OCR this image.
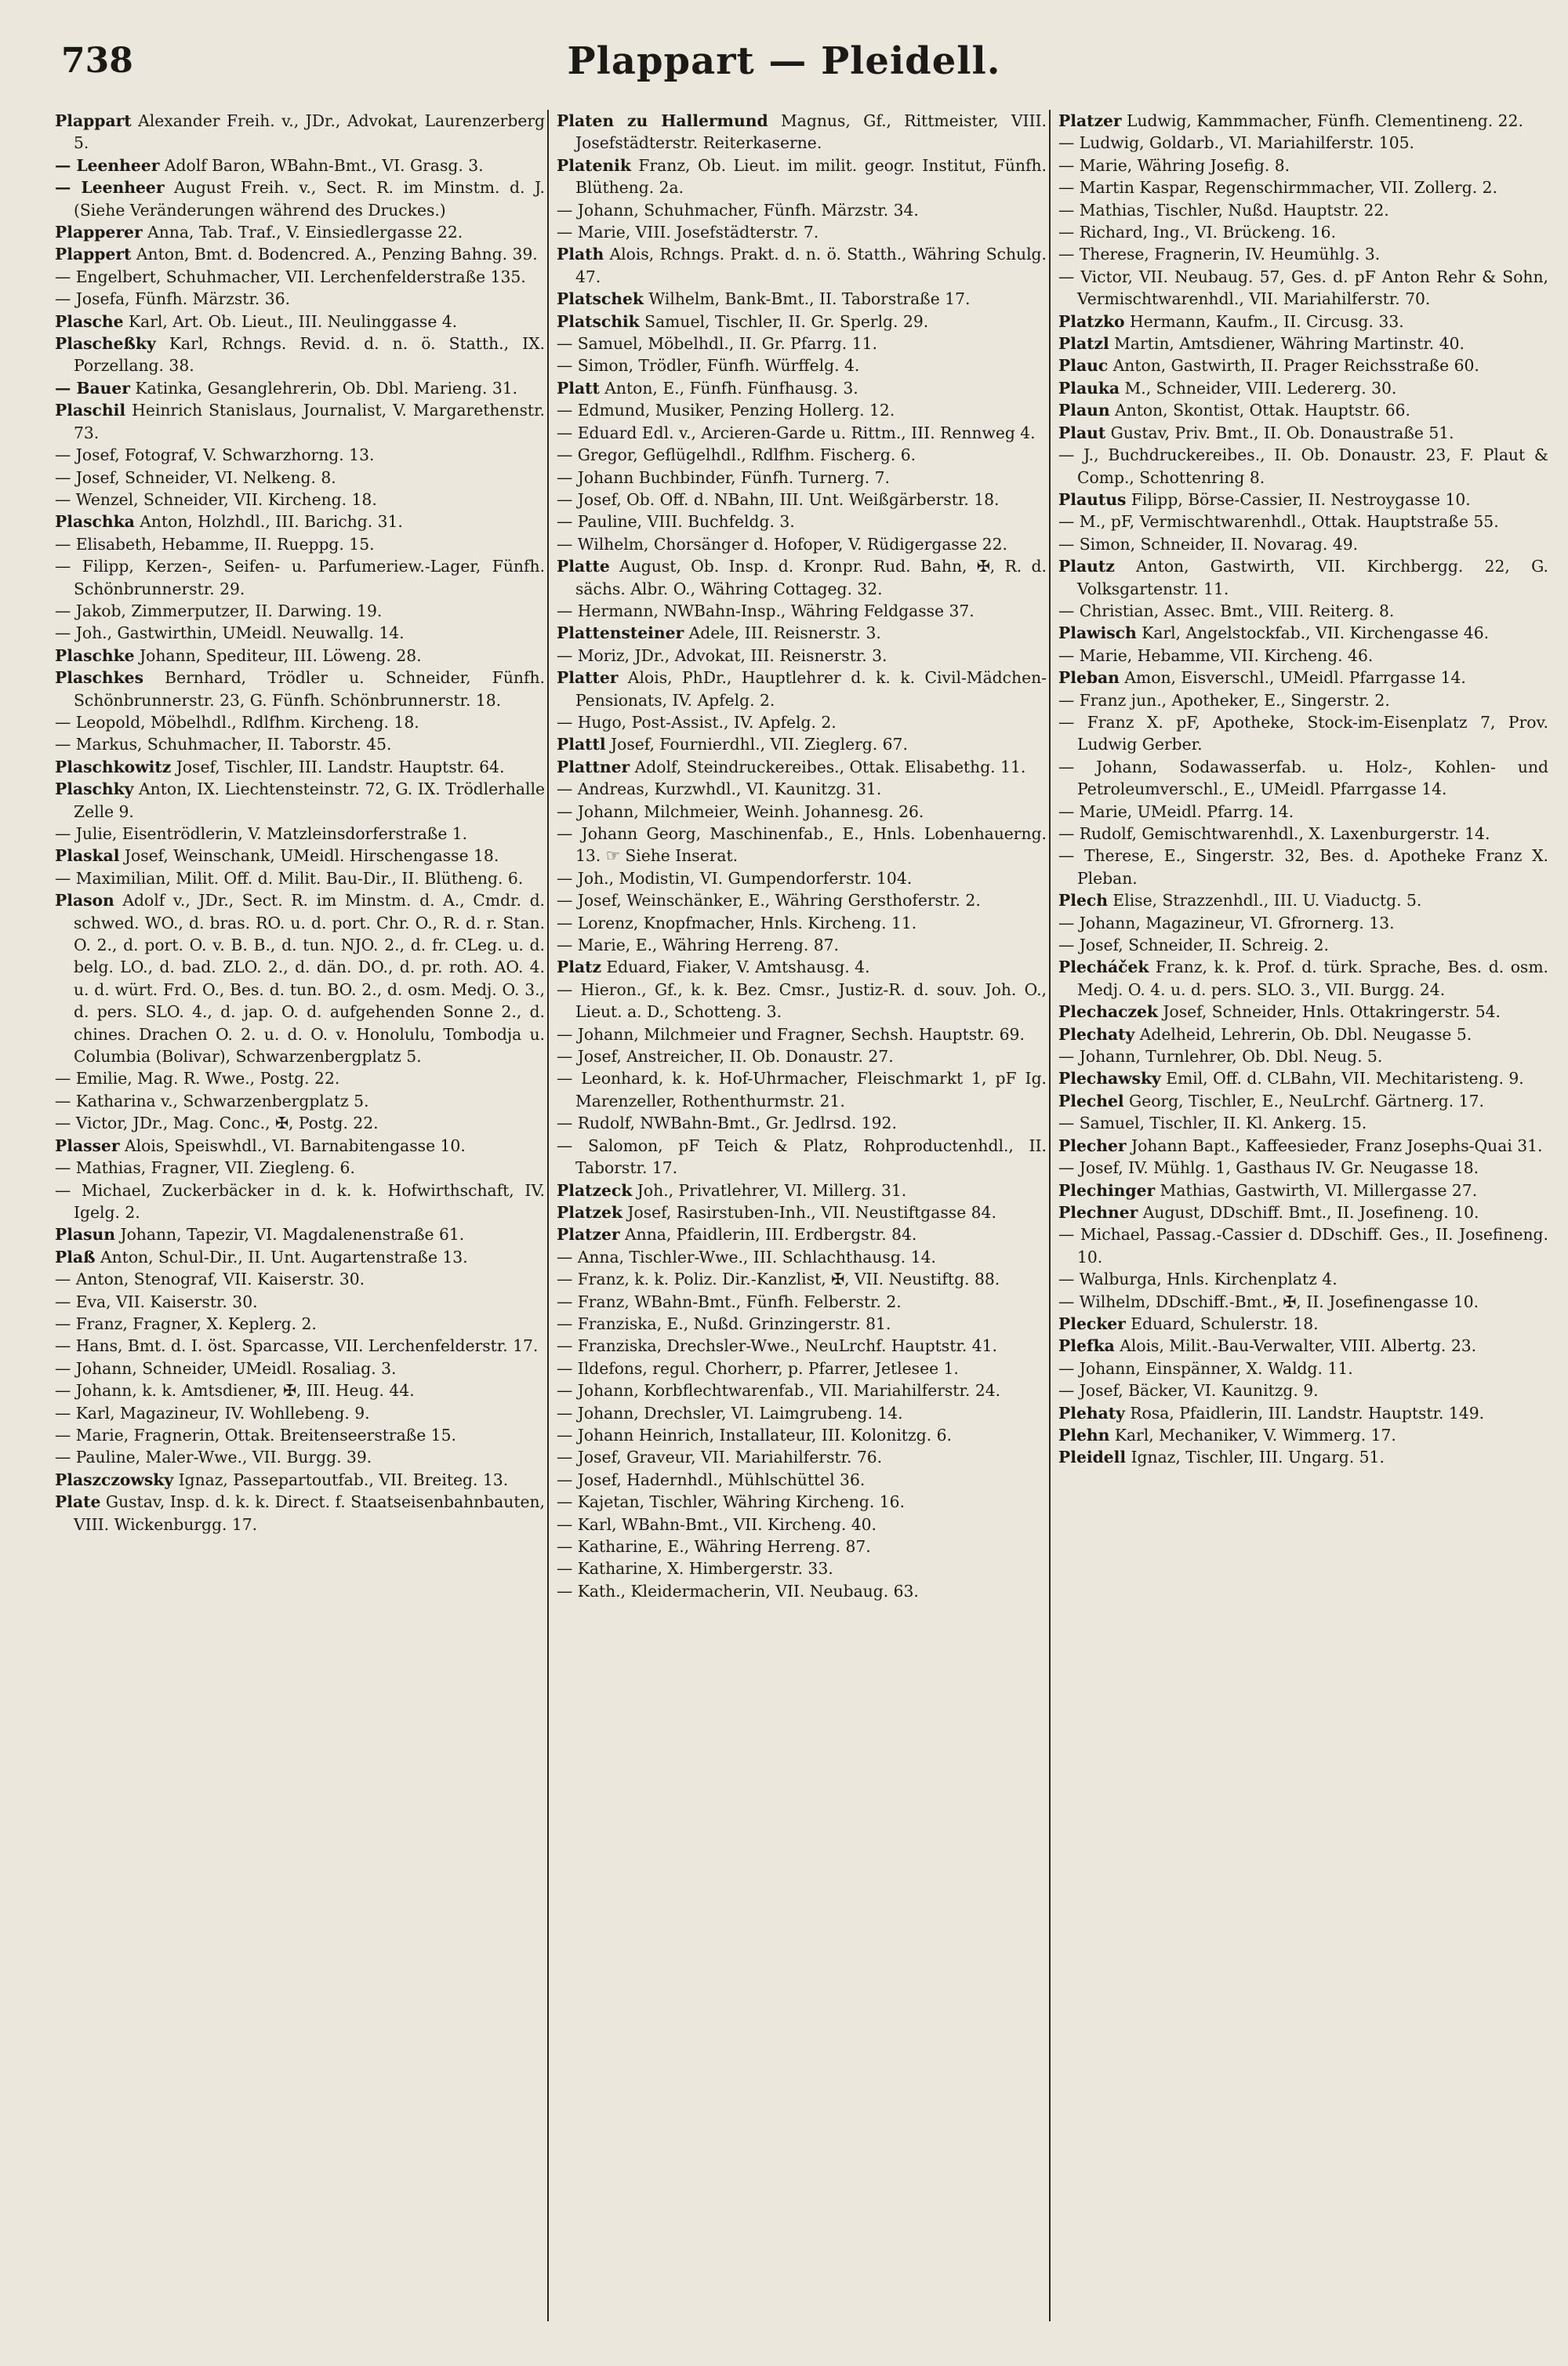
738	Plappart — Pleidell.
Plappart Alexander Freih. v., JDr., Advokat, Laurenzerberg 5.
— Leenheer Adolf Baron, WBahn-Bmt., VI. Grasg. 3.
— Leenheer August Freih. v., Sect. R. im Minstm. d. J. (Siehe Veränderungen während des Druckes.)
Plapperer Anna, Tab. Traf., V. Einsiedlergasse 22.
Plappert Anton, Bmt. d. Bodencred. A., Penzing Bahng. 39.
— Engelbert, Schuhmacher, VII. Lerchenfelderstraße 135.
— Josefa, Fünfh. Märzstr. 36.
Plasche Karl, Art. Ob. Lieut., III. Neulinggasse 4.
Plascheßky Karl, Rchngs. Revid. d. n. ö. Statth., IX. Porzellang. 38.
— Bauer Katinka, Gesanglehrerin, Ob. Dbl. Marieng. 31.
Plaschil Heinrich Stanislaus, Journalist, V. Margarethenstr. 73.
— Josef, Fotograf, V. Schwarzhorng. 13.
— Josef, Schneider, VI. Nelkeng. 8.
— Wenzel, Schneider, VII. Kircheng. 18.
Plaschka Anton, Holzhdl., III. Barichg. 31.
— Elisabeth, Hebamme, II. Rueppg. 15.
— Filipp, Kerzen-, Seifen- u. Parfumeriew.-Lager, Fünfh. Schönbrunnerstr. 29.
— Jakob, Zimmerputzer, II. Darwing. 19.
— Joh., Gastwirthin, UMeidl. Neuwallg. 14.
Plaschke Johann, Spediteur, III. Löweng. 28.
Plaschkes Bernhard, Trödler u. Schneider, Fünfh. Schönbrunnerstr. 23, G. Fünfh. Schönbrunnerstr. 18.
— Leopold, Möbelhdl., Rdlfhm. Kircheng. 18.
— Markus, Schuhmacher, II. Taborstr. 45.
Plaschkowitz Josef, Tischler, III. Landstr. Hauptstr. 64.
Plaschky Anton, IX. Liechtensteinstr. 72, G. IX. Trödlerhalle Zelle 9.
— Julie, Eisentrödlerin, V. Matzleinsdorferstraße 1.
Plaskal Josef, Weinschank, UMeidl. Hirschengasse 18.
— Maximilian, Milit. Off. d. Milit. Bau-Dir., II. Blütheng. 6.
Plason Adolf v., JDr., Sect. R. im Minstm. d. A., Cmdr. d. schwed. WO., d. bras. RO. u. d. port. Chr. O., R. d. r. Stan. O. 2., d. port. O. v. B. B., d. tun. NJO. 2., d. fr. CLeg. u. d. belg. LO., d. bad. ZLO. 2., d. dän. DO., d. pr. roth. AO. 4. u. d. würt. Frd. O., Bes. d. tun. BO. 2., d. osm. Medj. O. 3., d. pers. SLO. 4., d. jap. O. d. aufgehenden Sonne 2., d. chines. Drachen O. 2. u. d. O. v. Honolulu, Tombodja u. Columbia (Bolivar), Schwarzenbergplatz 5.
— Emilie, Mag. R. Wwe., Postg. 22.
— Katharina v., Schwarzenbergplatz 5.
— Victor, JDr., Mag. Conc., ✠, Postg. 22.
Plasser Alois, Speiswhdl., VI. Barnabitengasse 10.
— Mathias, Fragner, VII. Ziegleng. 6.
— Michael, Zuckerbäcker in d. k. k. Hofwirthschaft, IV. Igelg. 2.
Plasun Johann, Tapezir, VI. Magdalenenstraße 61.
Plaß Anton, Schul-Dir., II. Unt. Augartenstraße 13.
— Anton, Stenograf, VII. Kaiserstr. 30.
— Eva, VII. Kaiserstr. 30.
— Franz, Fragner, X. Keplerg. 2.
— Hans, Bmt. d. I. öst. Sparcasse, VII. Lerchenfelderstr. 17.
— Johann, Schneider, UMeidl. Rosaliag. 3.
— Johann, k. k. Amtsdiener, ✠, III. Heug. 44.
— Karl, Magazineur, IV. Wohllebeng. 9.
— Marie, Fragnerin, Ottak. Breitenseerstraße 15.
— Pauline, Maler-Wwe., VII. Burgg. 39.
Plaszczowsky Ignaz, Passepartoutfab., VII. Breiteg. 13.
Plate Gustav, Insp. d. k. k. Direct. f. Staatseisenbahnbauten, VIII. Wickenburgg. 17.
Platen zu Hallermund Magnus, Gf., Rittmeister, VIII. Josefstädterstr. Reiterkaserne.
Platenik Franz, Ob. Lieut. im milit. geogr. Institut, Fünfh. Blütheng. 2a.
— Johann, Schuhmacher, Fünfh. Märzstr. 34.
— Marie, VIII. Josefstädterstr. 7.
Plath Alois, Rchngs. Prakt. d. n. ö. Statth., Währing Schulg. 47.
Platschek Wilhelm, Bank-Bmt., II. Taborstraße 17.
Platschik Samuel, Tischler, II. Gr. Sperlg. 29.
— Samuel, Möbelhdl., II. Gr. Pfarrg. 11.
— Simon, Trödler, Fünfh. Würffelg. 4.
Platt Anton, E., Fünfh. Fünfhausg. 3.
— Edmund, Musiker, Penzing Hollerg. 12.
— Eduard Edl. v., Arcieren-Garde u. Rittm., III. Rennweg 4.
— Gregor, Geflügelhdl., Rdlfhm. Fischerg. 6.
— Johann Buchbinder, Fünfh. Turnerg. 7.
— Josef, Ob. Off. d. NBahn, III. Unt. Weißgärberstr. 18.
— Pauline, VIII. Buchfeldg. 3.
— Wilhelm, Chorsänger d. Hofoper, V. Rüdigergasse 22.
Platte August, Ob. Insp. d. Kronpr. Rud. Bahn, ✠, R. d. sächs. Albr. O., Währing Cottageg. 32.
— Hermann, NWBahn-Insp., Währing Feldgasse 37.
Plattensteiner Adele, III. Reisnerstr. 3.
— Moriz, JDr., Advokat, III. Reisnerstr. 3.
Platter Alois, PhDr., Hauptlehrer d. k. k. Civil-Mädchen-Pensionats, IV. Apfelg. 2.
— Hugo, Post-Assist., IV. Apfelg. 2.
Plattl Josef, Fournierdhl., VII. Zieglerg. 67.
Plattner Adolf, Steindruckereibes., Ottak. Elisabethg. 11.
— Andreas, Kurzwhdl., VI. Kaunitzg. 31.
— Johann, Milchmeier, Weinh. Johannesg. 26.
— Johann Georg, Maschinenfab., E., Hnls. Lobenhauerng. 13. ☞ Siehe Inserat.
— Joh., Modistin, VI. Gumpendorferstr. 104.
— Josef, Weinschänker, E., Währing Gersthoferstr. 2.
— Lorenz, Knopfmacher, Hnls. Kircheng. 11.
— Marie, E., Währing Herreng. 87.
Platz Eduard, Fiaker, V. Amtshausg. 4.
— Hieron., Gf., k. k. Bez. Cmsr., Justiz-R. d. souv. Joh. O., Lieut. a. D., Schotteng. 3.
— Johann, Milchmeier und Fragner, Sechsh. Hauptstr. 69.
— Josef, Anstreicher, II. Ob. Donaustr. 27.
— Leonhard, k. k. Hof-Uhrmacher, Fleischmarkt 1, pF Ig. Marenzeller, Rothenthurmstr. 21.
— Rudolf, NWBahn-Bmt., Gr. Jedlrsd. 192.
— Salomon, pF Teich & Platz, Rohproductenhdl., II. Taborstr. 17.
Platzeck Joh., Privatlehrer, VI. Millerg. 31.
Platzek Josef, Rasirstuben-Inh., VII. Neustiftgasse 84.
Platzer Anna, Pfaidlerin, III. Erdbergstr. 84.
— Anna, Tischler-Wwe., III. Schlachthausg. 14.
— Franz, k. k. Poliz. Dir.-Kanzlist, ✠, VII. Neustiftg. 88.
— Franz, WBahn-Bmt., Fünfh. Felberstr. 2.
— Franziska, E., Nußd. Grinzingerstr. 81.
— Franziska, Drechsler-Wwe., NeuLrchf. Hauptstr. 41.
— Ildefons, regul. Chorherr, p. Pfarrer, Jetlesee 1.
— Johann, Korbflechtwarenfab., VII. Mariahilferstr. 24.
— Johann, Drechsler, VI. Laimgrubeng. 14.
— Johann Heinrich, Installateur, III. Kolonitzg. 6.
— Josef, Graveur, VII. Mariahilferstr. 76.
— Josef, Hadernhdl., Mühlschüttel 36.
— Kajetan, Tischler, Währing Kircheng. 16.
— Karl, WBahn-Bmt., VII. Kircheng. 40.
— Katharine, E., Währing Herreng. 87.
— Katharine, X. Himbergerstr. 33.
— Kath., Kleidermacherin, VII. Neubaug. 63.
Platzer Ludwig, Kammmacher, Fünfh. Clementineng. 22.
— Ludwig, Goldarb., VI. Mariahilferstr. 105.
— Marie, Währing Josefig. 8.
— Martin Kaspar, Regenschirmmacher, VII. Zollerg. 2.
— Mathias, Tischler, Nußd. Hauptstr. 22.
— Richard, Ing., VI. Brückeng. 16.
— Therese, Fragnerin, IV. Heumühlg. 3.
— Victor, VII. Neubaug. 57, Ges. d. pF Anton Rehr & Sohn, Vermischtwarenhdl., VII. Mariahilferstr. 70.
Platzko Hermann, Kaufm., II. Circusg. 33.
Platzl Martin, Amtsdiener, Währing Martinstr. 40.
Plauc Anton, Gastwirth, II. Prager Reichsstraße 60.
Plauka M., Schneider, VIII. Ledererg. 30.
Plaun Anton, Skontist, Ottak. Hauptstr. 66.
Plaut Gustav, Priv. Bmt., II. Ob. Donaustraße 51.
— J., Buchdruckereibes., II. Ob. Donaustr. 23, F. Plaut & Comp., Schottenring 8.
Plautus Filipp, Börse-Cassier, II. Nestroygasse 10.
— M., pF, Vermischtwarenhdl., Ottak. Hauptstraße 55.
— Simon, Schneider, II. Novarag. 49.
Plautz Anton, Gastwirth, VII. Kirchbergg. 22, G. Volksgartenstr. 11.
— Christian, Assec. Bmt., VIII. Reiterg. 8.
Plawisch Karl, Angelstockfab., VII. Kirchengasse 46.
— Marie, Hebamme, VII. Kircheng. 46.
Pleban Amon, Eisverschl., UMeidl. Pfarrgasse 14.
— Franz jun., Apotheker, E., Singerstr. 2.
— Franz X. pF, Apotheke, Stock-im-Eisenplatz 7, Prov. Ludwig Gerber.
— Johann, Sodawasserfab. u. Holz-, Kohlen- und Petroleumverschl., E., UMeidl. Pfarrgasse 14.
— Marie, UMeidl. Pfarrg. 14.
— Rudolf, Gemischtwarenhdl., X. Laxenburgerstr. 14.
— Therese, E., Singerstr. 32, Bes. d. Apotheke Franz X. Pleban.
Plech Elise, Strazzenhdl., III. U. Viaductg. 5.
— Johann, Magazineur, VI. Gfrornerg. 13.
— Josef, Schneider, II. Schreig. 2.
Plecháček Franz, k. k. Prof. d. türk. Sprache, Bes. d. osm. Medj. O. 4. u. d. pers. SLO. 3., VII. Burgg. 24.
Plechaczek Josef, Schneider, Hnls. Ottakringerstr. 54.
Plechaty Adelheid, Lehrerin, Ob. Dbl. Neugasse 5.
— Johann, Turnlehrer, Ob. Dbl. Neug. 5.
Plechawsky Emil, Off. d. CLBahn, VII. Mechitaristeng. 9.
Plechel Georg, Tischler, E., NeuLrchf. Gärtnerg. 17.
— Samuel, Tischler, II. Kl. Ankerg. 15.
Plecher Johann Bapt., Kaffeesieder, Franz Josephs-Quai 31.
— Josef, IV. Mühlg. 1, Gasthaus IV. Gr. Neugasse 18.
Plechinger Mathias, Gastwirth, VI. Millergasse 27.
Plechner August, DDschiff. Bmt., II. Josefineng. 10.
— Michael, Passag.-Cassier d. DDschiff. Ges., II. Josefineng. 10.
— Walburga, Hnls. Kirchenplatz 4.
— Wilhelm, DDschiff.-Bmt., ✠, II. Josefinengasse 10.
Plecker Eduard, Schulerstr. 18.
Plefka Alois, Milit.-Bau-Verwalter, VIII. Albertg. 23.
— Johann, Einspänner, X. Waldg. 11.
— Josef, Bäcker, VI. Kaunitzg. 9.
Plehaty Rosa, Pfaidlerin, III. Landstr. Hauptstr. 149.
Plehn Karl, Mechaniker, V. Wimmerg. 17.
Pleidell Ignaz, Tischler, III. Ungarg. 51.
